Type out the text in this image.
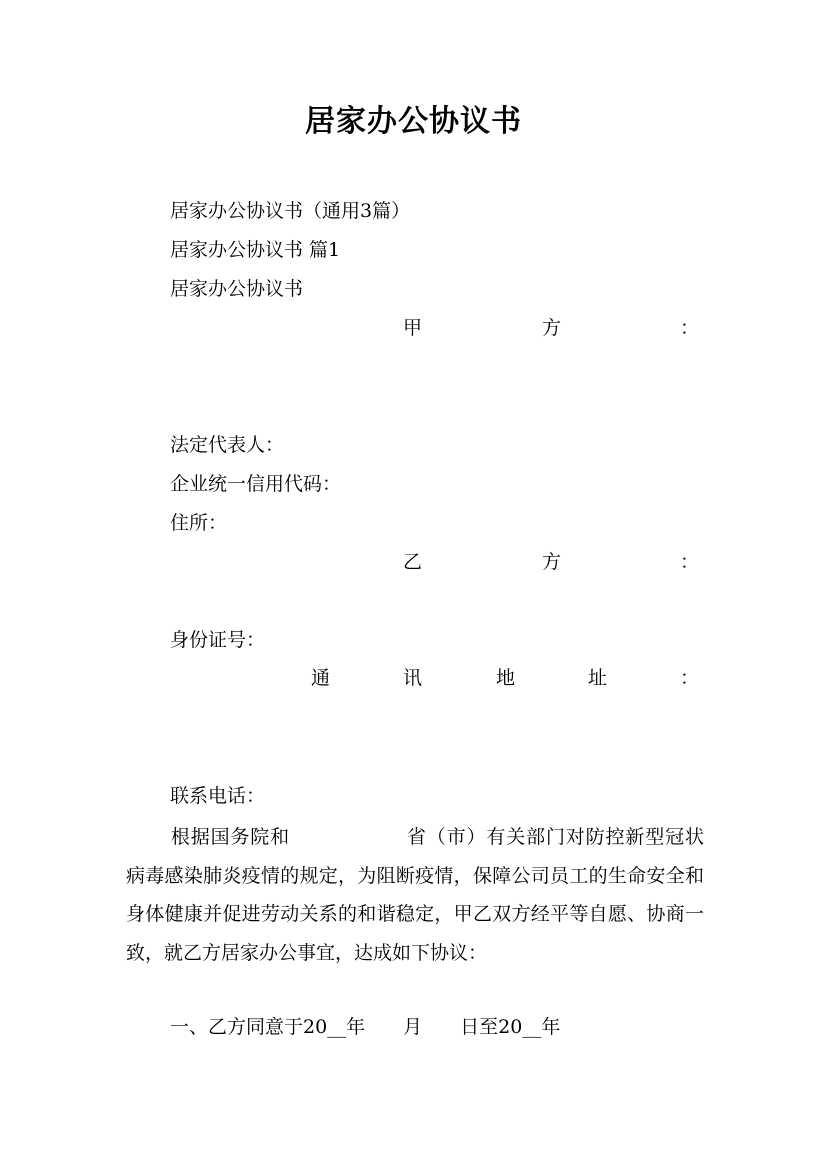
居家办公协议书
居家办公协议书（通用3篇）
居家办公协议书 篇1
居家办公协议书
甲	方	：
法定代表人：
企业统一信用代码：
住所：
乙	方	：
身份证号：
通	讯	地	址	：
联系电话：
根据国务院和	省（市）有关部门对防控新型冠状病毒感染肺炎疫情的规定，为阻断疫情，保障公司员工的生命安全和身体健康并促进劳动关系的和谐稳定，甲乙双方经平等自愿、协商一致，就乙方居家办公事宜，达成如下协议：
一、乙方同意于20__年　　月　　日至20__年
